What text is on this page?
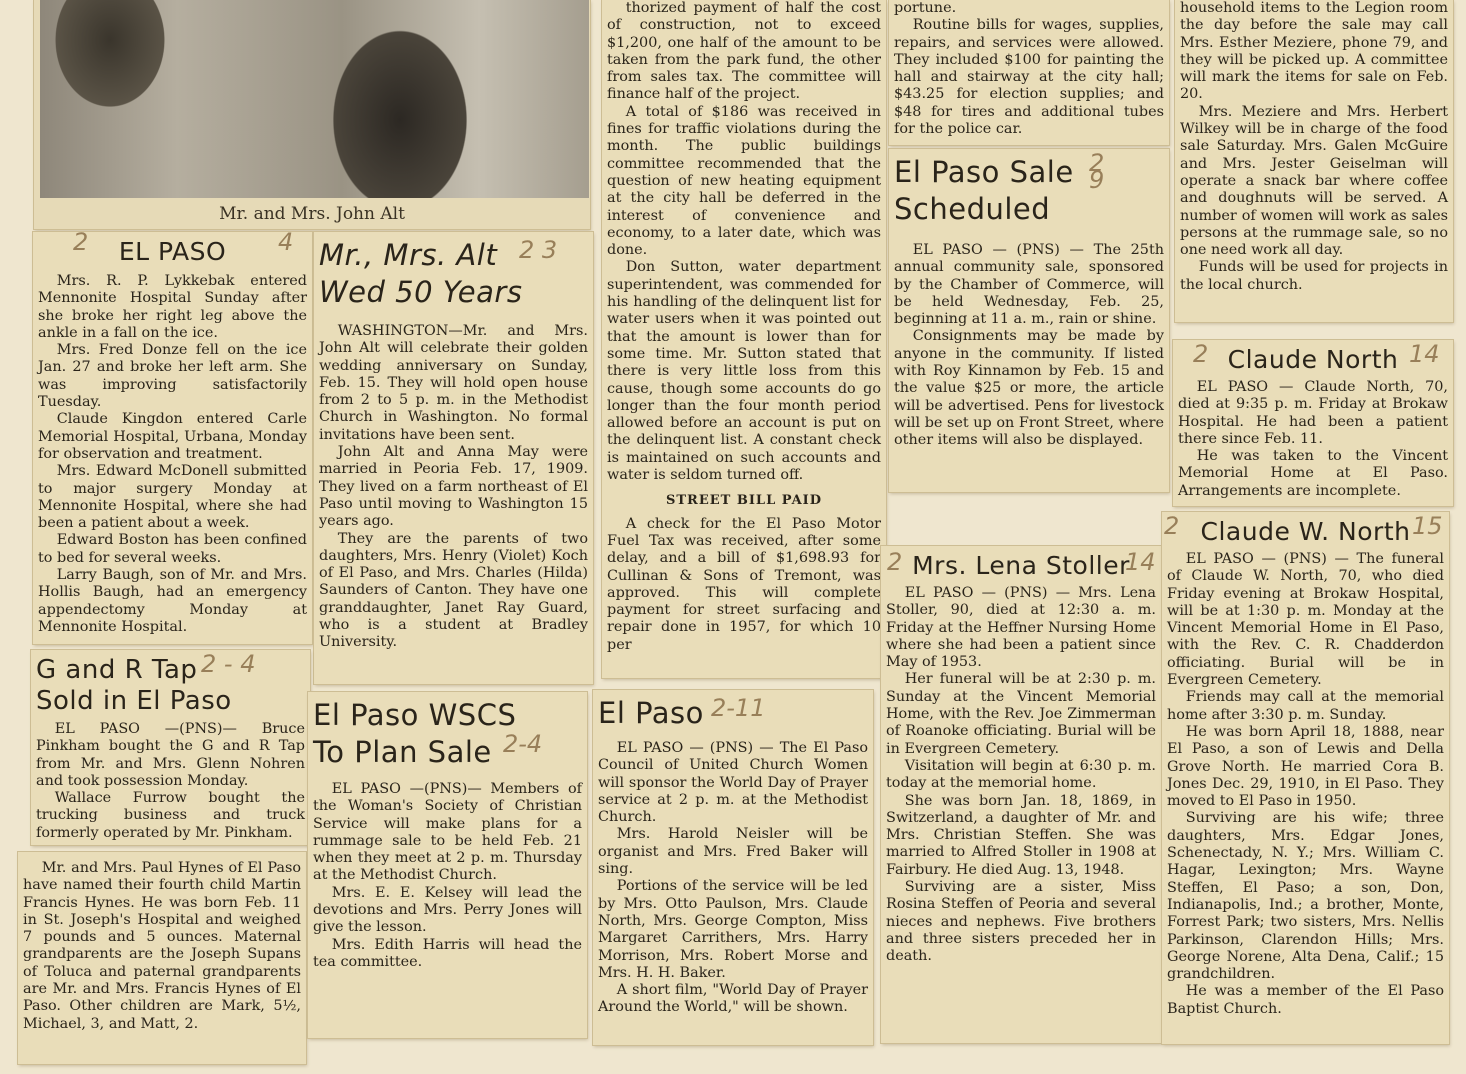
Mr. and Mrs. John Alt
EL PASO
2	4

Mrs. R. P. Lykkebak entered Mennonite Hospital Sunday after she broke her right leg above the ankle in a fall on the ice.

Mrs. Fred Donze fell on the ice Jan. 27 and broke her left arm. She was improving satisfactorily Tuesday.

Claude Kingdon entered Carle Memorial Hospital, Urbana, Monday for observation and treatment.

Mrs. Edward McDonell submitted to major surgery Monday at Mennonite Hospital, where she had been a patient about a week.

Edward Boston has been confined to bed for several weeks.

Larry Baugh, son of Mr. and Mrs. Hollis Baugh, had an emergency appendectomy Monday at Mennonite Hospital.

Mr., Mrs. Alt
Wed 50 Years
2 3

WASHINGTON—Mr. and Mrs. John Alt will celebrate their golden wedding anniversary on Sunday, Feb. 15. They will hold open house from 2 to 5 p. m. in the Methodist Church in Washington. No formal invitations have been sent.

John Alt and Anna May were married in Peoria Feb. 17, 1909. They lived on a farm northeast of El Paso until moving to Washington 15 years ago.

They are the parents of two daughters, Mrs. Henry (Violet) Koch of El Paso, and Mrs. Charles (Hilda) Saunders of Canton. They have one granddaughter, Janet Ray Guard, who is a student at Bradley University.

G and R Tap
Sold in El Paso
2 - 4

EL PASO —(PNS)— Bruce Pinkham bought the G and R Tap from Mr. and Mrs. Glenn Nohren and took possession Monday.

Wallace Furrow bought the trucking business and truck formerly operated by Mr. Pinkham.

Mr. and Mrs. Paul Hynes of El Paso have named their fourth child Martin Francis Hynes. He was born Feb. 11 in St. Joseph's Hospital and weighed 7 pounds and 5 ounces. Maternal grandparents are the Joseph Supans of Toluca and paternal grandparents are Mr. and Mrs. Francis Hynes of El Paso. Other children are Mark, 5½, Michael, 3, and Matt, 2.

El Paso WSCS
To Plan Sale 2-4

EL PASO —(PNS)— Members of the Woman's Society of Christian Service will make plans for a rummage sale to be held Feb. 21 when they meet at 2 p. m. Thursday at the Methodist Church.

Mrs. E. E. Kelsey will lead the devotions and Mrs. Perry Jones will give the lesson.

Mrs. Edith Harris will head the tea committee.

thorized payment of half the cost of construction, not to exceed $1,200, one half of the amount to be taken from the park fund, the other from sales tax. The committee will finance half of the project.

A total of $186 was received in fines for traffic violations during the month. The public buildings committee recommended that the question of new heating equipment at the city hall be deferred in the interest of convenience and economy, to a later date, which was done.

Don Sutton, water department superintendent, was commended for his handling of the delinquent list for water users when it was pointed out that the amount is lower than for some time. Mr. Sutton stated that there is very little loss from this cause, though some accounts do go longer than the four month period allowed before an account is put on the delinquent list. A constant check is maintained on such accounts and water is seldom turned off.

STREET BILL PAID

A check for the El Paso Motor Fuel Tax was received, after some delay, and a bill of $1,698.93 for Cullinan & Sons of Tremont, was approved. This will complete payment for street surfacing and repair done in 1957, for which 10 per

El Paso 2-11

EL PASO — (PNS) — The El Paso Council of United Church Women will sponsor the World Day of Prayer service at 2 p. m. at the Methodist Church.

Mrs. Harold Neisler will be organist and Mrs. Fred Baker will sing.

Portions of the service will be led by Mrs. Otto Paulson, Mrs. Claude North, Mrs. George Compton, Miss Margaret Carrithers, Mrs. Harry Morrison, Mrs. Robert Morse and Mrs. H. H. Baker.

A short film, "World Day of Prayer Around the World," will be shown.

portune.

Routine bills for wages, supplies, repairs, and services were allowed. They included $100 for painting the hall and stairway at the city hall; $43.25 for election supplies; and $48 for tires and additional tubes for the police car.

El Paso Sale
Scheduled
2 9

EL PASO — (PNS) — The 25th annual community sale, sponsored by the Chamber of Commerce, will be held Wednesday, Feb. 25, beginning at 11 a. m., rain or shine.

Consignments may be made by anyone in the community. If listed with Roy Kinnamon by Feb. 15 and the value $25 or more, the article will be advertised. Pens for livestock will be set up on Front Street, where other items will also be displayed.

Mrs. Lena Stoller
2	14

EL PASO — (PNS) — Mrs. Lena Stoller, 90, died at 12:30 a. m. Friday at the Heffner Nursing Home where she had been a patient since May of 1953.

Her funeral will be at 2:30 p. m. Sunday at the Vincent Memorial Home, with the Rev. Joe Zimmerman of Roanoke officiating. Burial will be in Evergreen Cemetery.

Visitation will begin at 6:30 p. m. today at the memorial home.

She was born Jan. 18, 1869, in Switzerland, a daughter of Mr. and Mrs. Christian Steffen. She was married to Alfred Stoller in 1908 at Fairbury. He died Aug. 13, 1948.

Surviving are a sister, Miss Rosina Steffen of Peoria and several nieces and nephews. Five brothers and three sisters preceded her in death.

household items to the Legion room the day before the sale may call Mrs. Esther Meziere, phone 79, and they will be picked up. A committee will mark the items for sale on Feb. 20.

Mrs. Meziere and Mrs. Herbert Wilkey will be in charge of the food sale Saturday. Mrs. Galen McGuire and Mrs. Jester Geiselman will operate a snack bar where coffee and doughnuts will be served. A number of women will work as sales persons at the rummage sale, so no one need work all day.

Funds will be used for projects in the local church.

Claude North
2	14

EL PASO — Claude North, 70, died at 9:35 p. m. Friday at Brokaw Hospital. He had been a patient there since Feb. 11.

He was taken to the Vincent Memorial Home at El Paso. Arrangements are incomplete.

Claude W. North
2	15

EL PASO — (PNS) — The funeral of Claude W. North, 70, who died Friday evening at Brokaw Hospital, will be at 1:30 p. m. Monday at the Vincent Memorial Home in El Paso, with the Rev. C. R. Chadderdon officiating. Burial will be in Evergreen Cemetery.

Friends may call at the memorial home after 3:30 p. m. Sunday.

He was born April 18, 1888, near El Paso, a son of Lewis and Della Grove North. He married Cora B. Jones Dec. 29, 1910, in El Paso. They moved to El Paso in 1950.

Surviving are his wife; three daughters, Mrs. Edgar Jones, Schenectady, N. Y.; Mrs. William C. Hagar, Lexington; Mrs. Wayne Steffen, El Paso; a son, Don, Indianapolis, Ind.; a brother, Monte, Forrest Park; two sisters, Mrs. Nellis Parkinson, Clarendon Hills; Mrs. George Norene, Alta Dena, Calif.; 15 grandchildren.

He was a member of the El Paso Baptist Church.
